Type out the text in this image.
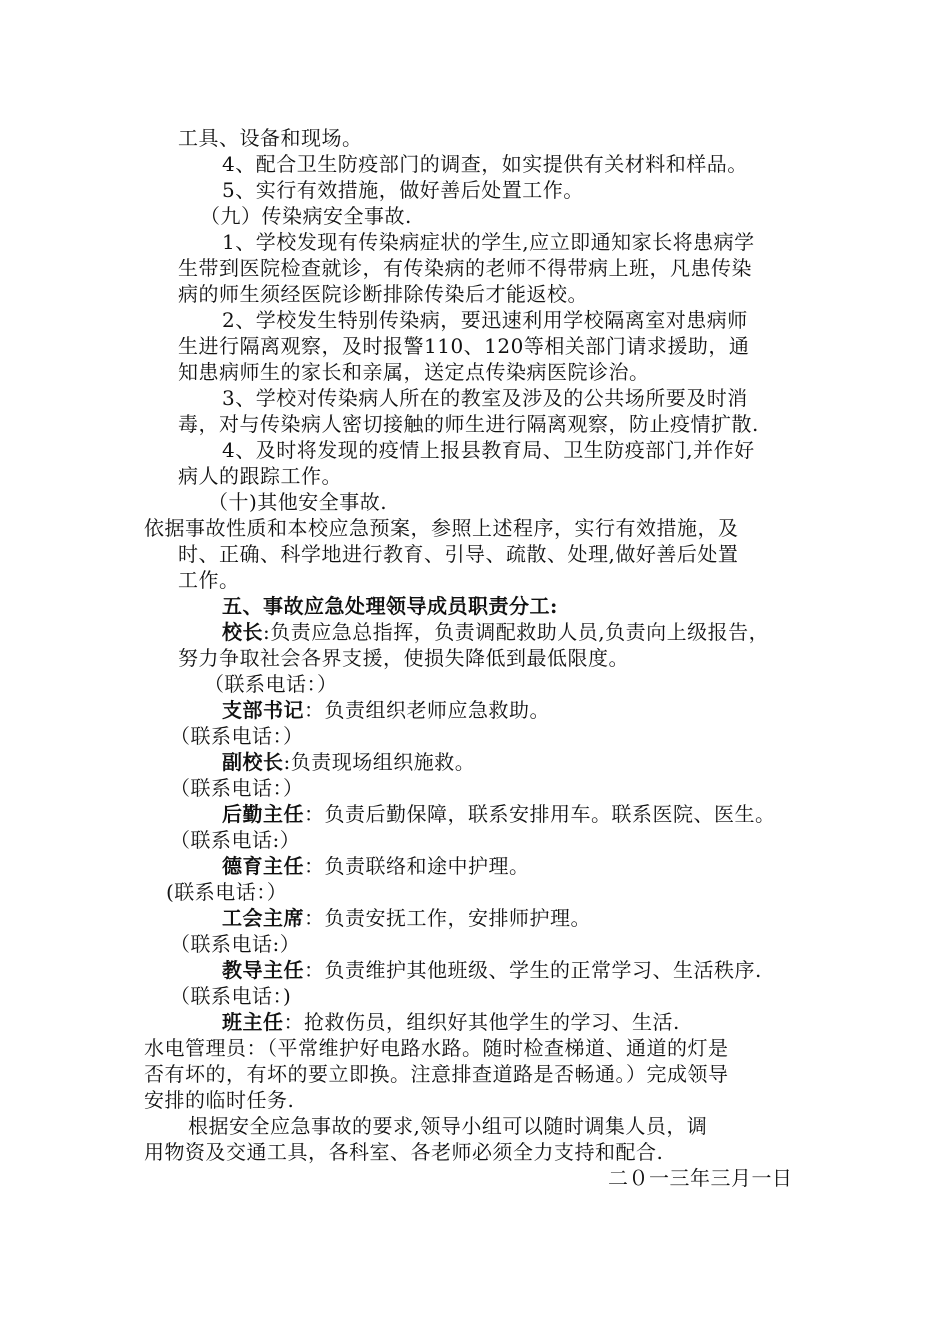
工具、设备和现场。
4、配合卫生防疫部门的调查，如实提供有关材料和样品。
5、实行有效措施，做好善后处置工作。
（九）传染病安全事故.
1、学校发现有传染病症状的学生,应立即通知家长将患病学
生带到医院检查就诊，有传染病的老师不得带病上班，凡患传染
病的师生须经医院诊断排除传染后才能返校。
2、学校发生特别传染病，要迅速利用学校隔离室对患病师
生进行隔离观察，及时报警110、120等相关部门请求援助，通
知患病师生的家长和亲属，送定点传染病医院诊治。
3、学校对传染病人所在的教室及涉及的公共场所要及时消
毒，对与传染病人密切接触的师生进行隔离观察，防止疫情扩散.
4、及时将发现的疫情上报县教育局、卫生防疫部门,并作好
病人的跟踪工作。
（十)其他安全事故.
依据事故性质和本校应急预案，参照上述程序，实行有效措施，及
时、正确、科学地进行教育、引导、疏散、处理,做好善后处置
工作。
五、事故应急处理领导成员职责分工:
校长:负责应急总指挥，负责调配救助人员,负责向上级报告，
努力争取社会各界支援，使损失降低到最低限度。
（联系电话：）
支部书记：负责组织老师应急救助。
（联系电话：）
副校长:负责现场组织施救。
（联系电话：）
后勤主任：负责后勤保障，联系安排用车。联系医院、医生。
（联系电话:）
德育主任：负责联络和途中护理。
(联系电话：）
工会主席：负责安抚工作，安排师护理。
（联系电话:）
教导主任：负责维护其他班级、学生的正常学习、生活秩序.
（联系电话：)
班主任：抢救伤员，组织好其他学生的学习、生活.
水电管理员：（平常维护好电路水路。随时检查梯道、通道的灯是
否有坏的，有坏的要立即换。注意排查道路是否畅通。）完成领导
安排的临时任务.
根据安全应急事故的要求,领导小组可以随时调集人员，调
用物资及交通工具，各科室、各老师必须全力支持和配合.
二０一三年三月一日
